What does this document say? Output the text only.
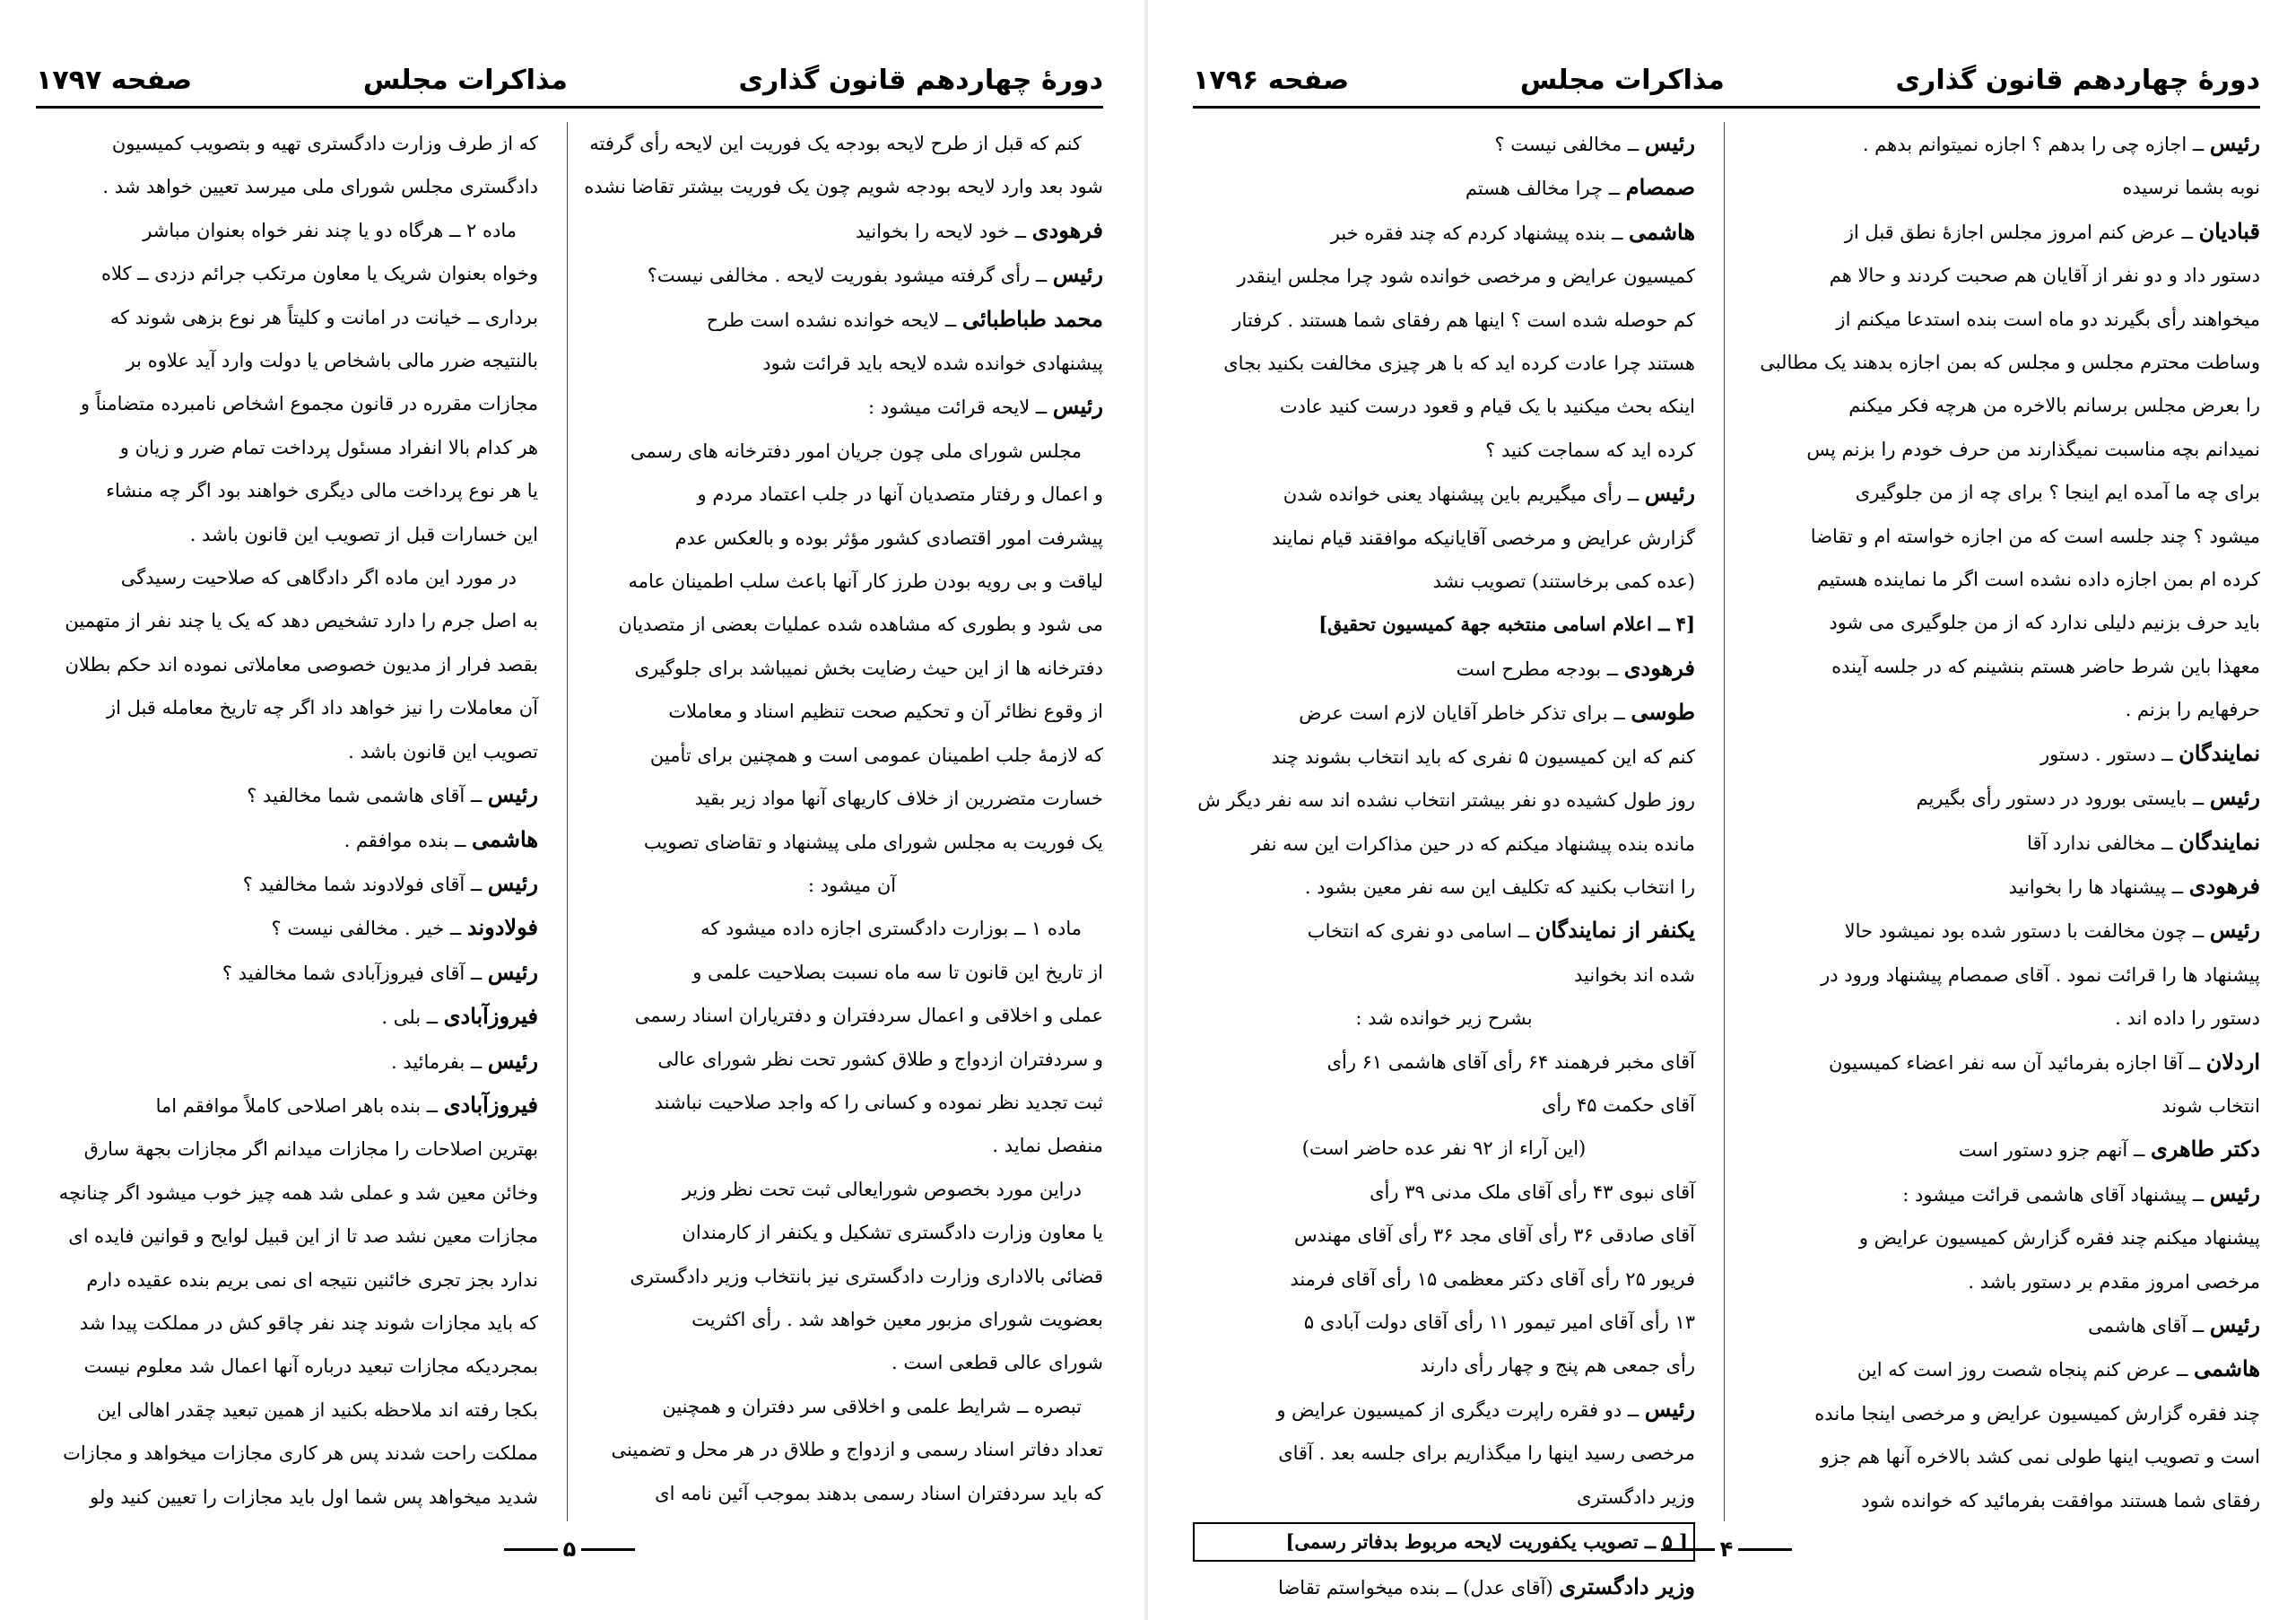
دورهٔ چهاردهم قانون گذاری
مذاکرات مجلس
صفحه ۱۷۹۷
کنم که قبل از طرح لایحه بودجه یک فوریت این لایحه رأی گرفته
شود بعد وارد لایحه بودجه شویم چون یک فوریت بیشتر تقاضا نشده
فرهودی ــ خود لایحه را بخوانید
رئیس ــ رأی گرفته میشود بفوریت لایحه . مخالفی نیست؟
محمد طباطبائی ــ لایحه خوانده نشده است طرح
پیشنهادی خوانده شده لایحه باید قرائت شود
رئیس ــ لایحه قرائت میشود :
مجلس شورای ملی چون جریان امور دفترخانه های رسمی
و اعمال و رفتار متصدیان آنها در جلب اعتماد مردم و
پیشرفت امور اقتصادی کشور مؤثر بوده و بالعکس عدم
لیاقت و بی رویه بودن طرز کار آنها باعث سلب اطمینان عامه
می شود و بطوری که مشاهده شده عملیات بعضی از متصدیان
دفترخانه ها از این حیث رضایت بخش نمیباشد برای جلوگیری
از وقوع نظائر آن و تحکیم صحت تنظیم اسناد و معاملات
که لازمهٔ جلب اطمینان عمومی است و همچنین برای تأمین
خسارت متضررین از خلاف کاریهای آنها مواد زیر بقید
یک فوریت به مجلس شورای ملی پیشنهاد و تقاضای تصویب
آن میشود :
ماده ۱ ــ بوزارت دادگستری اجازه داده میشود که
از تاریخ این قانون تا سه ماه نسبت بصلاحیت علمی و
عملی و اخلاقی و اعمال سردفتران و دفتریاران اسناد رسمی
و سردفتران ازدواج و طلاق کشور تحت نظر شورای عالی
ثبت تجدید نظر نموده و کسانی را که واجد صلاحیت نباشند
منفصل نماید .
دراین مورد بخصوص شورایعالی ثبت تحت نظر وزیر
یا معاون وزارت دادگستری تشکیل و یکنفر از کارمندان
قضائی بالاداری وزارت دادگستری نیز بانتخاب وزیر دادگستری
بعضویت شورای مزبور معین خواهد شد . رأی اکثریت
شورای عالی قطعی است .
تبصره ــ شرایط علمی و اخلاقی سر دفتران و همچنین
تعداد دفاتر اسناد رسمی و ازدواج و طلاق در هر محل و تضمینی
که باید سردفتران اسناد رسمی بدهند بموجب آئین نامه ای
که از طرف وزارت دادگستری تهیه و بتصویب کمیسیون
دادگستری مجلس شورای ملی میرسد تعیین خواهد شد .
ماده ۲ ــ هرگاه دو یا چند نفر خواه بعنوان مباشر
وخواه بعنوان شریک یا معاون مرتکب جرائم دزدی ــ کلاه
برداری ــ خیانت در امانت و کلیتاً هر نوع بزهی شوند که
بالنتیجه ضرر مالی باشخاص یا دولت وارد آید علاوه بر
مجازات مقرره در قانون مجموع اشخاص نامبرده متضامناً و
هر کدام بالا انفراد مسئول پرداخت تمام ضرر و زیان و
یا هر نوع پرداخت مالی دیگری خواهند بود اگر چه منشاء
این خسارات قبل از تصویب این قانون باشد .
در مورد این ماده اگر دادگاهی که صلاحیت رسیدگی
به اصل جرم را دارد تشخیص دهد که یک یا چند نفر از متهمین
بقصد فرار از مدیون خصوصی معاملاتی نموده اند حکم بطلان
آن معاملات را نیز خواهد داد اگر چه تاریخ معامله قبل از
تصویب این قانون باشد .
رئیس ــ آقای هاشمی شما مخالفید ؟
هاشمی ــ بنده موافقم .
رئیس ــ آقای فولادوند شما مخالفید ؟
فولادوند ــ خیر . مخالفی نیست ؟
رئیس ــ آقای فیروزآبادی شما مخالفید ؟
فیروزآبادی ــ بلی .
رئیس ــ بفرمائید .
فیروزآبادی ــ بنده باهر اصلاحی کاملاً موافقم اما
بهترین اصلاحات را مجازات میدانم اگر مجازات بجهة سارق
وخائن معین شد و عملی شد همه چیز خوب میشود اگر چنانچه
مجازات معین نشد صد تا از این قبیل لوایح و قوانین فایده ای
ندارد بجز تجری خائنین نتیجه ای نمی بریم بنده عقیده دارم
که باید مجازات شوند چند نفر چاقو کش در مملکت پیدا شد
بمجردیکه مجازات تبعید درباره آنها اعمال شد معلوم نیست
بکجا رفته اند ملاحظه بکنید از همین تبعید چقدر اهالی این
مملکت راحت شدند پس هر کاری مجازات میخواهد و مجازات
شدید میخواهد پس شما اول باید مجازات را تعیین کنید ولو
۵
دورهٔ چهاردهم قانون گذاری
مذاکرات مجلس
صفحه ۱۷۹۶
رئیس ــ اجازه چی را بدهم ؟ اجازه نمیتوانم بدهم .
نوبه بشما نرسیده
قبادیان ــ عرض کنم امروز مجلس اجازهٔ نطق قبل از
دستور داد و دو نفر از آقایان هم صحبت کردند و حالا هم
میخواهند رأی بگیرند دو ماه است بنده استدعا میکنم از
وساطت محترم مجلس و مجلس که بمن اجازه بدهند یک مطالبی
را بعرض مجلس برسانم بالاخره من هرچه فکر میکنم
نمیدانم بچه مناسبت نمیگذارند من حرف خودم را بزنم پس
برای چه ما آمده ایم اینجا ؟ برای چه از من جلوگیری
میشود ؟ چند جلسه است که من اجازه خواسته ام و تقاضا
کرده ام بمن اجازه داده نشده است اگر ما نماینده هستیم
باید حرف بزنیم دلیلی ندارد که از من جلوگیری می شود
معهذا باین شرط حاضر هستم بنشینم که در جلسه آینده
حرفهایم را بزنم .
نمایندگان ــ دستور . دستور
رئیس ــ بایستی بورود در دستور رأی بگیریم
نمایندگان ــ مخالفی ندارد آقا
فرهودی ــ پیشنهاد ها را بخوانید
رئیس ــ چون مخالفت با دستور شده بود نمیشود حالا
پیشنهاد ها را قرائت نمود . آقای صمصام پیشنهاد ورود در
دستور را داده اند .
اردلان ــ آقا اجازه بفرمائید آن سه نفر اعضاء کمیسیون
انتخاب شوند
دکتر طاهری ــ آنهم جزو دستور است
رئیس ــ پیشنهاد آقای هاشمی قرائت میشود :
پیشنهاد میکنم چند فقره گزارش کمیسیون عرایض و
مرخصی امروز مقدم بر دستور باشد .
رئیس ــ آقای هاشمی
هاشمی ــ عرض کنم پنجاه شصت روز است که این
چند فقره گزارش کمیسیون عرایض و مرخصی اینجا مانده
است و تصویب اینها طولی نمی کشد بالاخره آنها هم جزو
رفقای شما هستند موافقت بفرمائید که خوانده شود
رئیس ــ مخالفی نیست ؟
صمصام ــ چرا مخالف هستم
هاشمی ــ بنده پیشنهاد کردم که چند فقره خبر
کمیسیون عرایض و مرخصی خوانده شود چرا مجلس اینقدر
کم حوصله شده است ؟ اینها هم رفقای شما هستند . کرفتار
هستند چرا عادت کرده اید که با هر چیزی مخالفت بکنید بجای
اینکه بحث میکنید با یک قیام و قعود درست کنید عادت
کرده اید که سماجت کنید ؟
رئیس ــ رأی میگیریم باین پیشنهاد یعنی خوانده شدن
گزارش عرایض و مرخصی آقایانیکه موافقند قیام نمایند
(عده کمی برخاستند) تصویب نشد
[۴ ــ اعلام اسامی منتخبه جهة کمیسیون تحقیق]
فرهودی ــ بودجه مطرح است
طوسی ــ برای تذکر خاطر آقایان لازم است عرض
کنم که این کمیسیون ۵ نفری که باید انتخاب بشوند چند
روز طول کشیده دو نفر بیشتر انتخاب نشده اند سه نفر دیگر ش
مانده بنده پیشنهاد میکنم که در حین مذاکرات این سه نفر
را انتخاب بکنید که تکلیف این سه نفر معین بشود .
یکنفر از نمایندگان ــ اسامی دو نفری که انتخاب
شده اند بخوانید
بشرح زیر خوانده شد :
آقای مخبر فرهمند ۶۴ رأی آقای هاشمی ۶۱ رأی
آقای حکمت ۴۵ رأی
(این آراء از ۹۲ نفر عده حاضر است)
آقای نبوی ۴۳ رأی آقای ملک مدنی ۳۹ رأی
آقای صادقی ۳۶ رأی آقای مجد ۳۶ رأی آقای مهندس
فریور ۲۵ رأی آقای دکتر معظمی ۱۵ رأی آقای فرمند
۱۳ رأی آقای امیر تیمور ۱۱ رأی آقای دولت آبادی ۵
رأی جمعی هم پنج و چهار رأی دارند
رئیس ــ دو فقره راپرت دیگری از کمیسیون عرایض و
مرخصی رسید اینها را میگذاریم برای جلسه بعد . آقای
وزیر دادگستری
[ ۵ ــ تصویب یکفوریت لایحه مربوط بدفاتر رسمی]
وزیر دادگستری (آقای عدل) ــ بنده میخواستم تقاضا
۴
